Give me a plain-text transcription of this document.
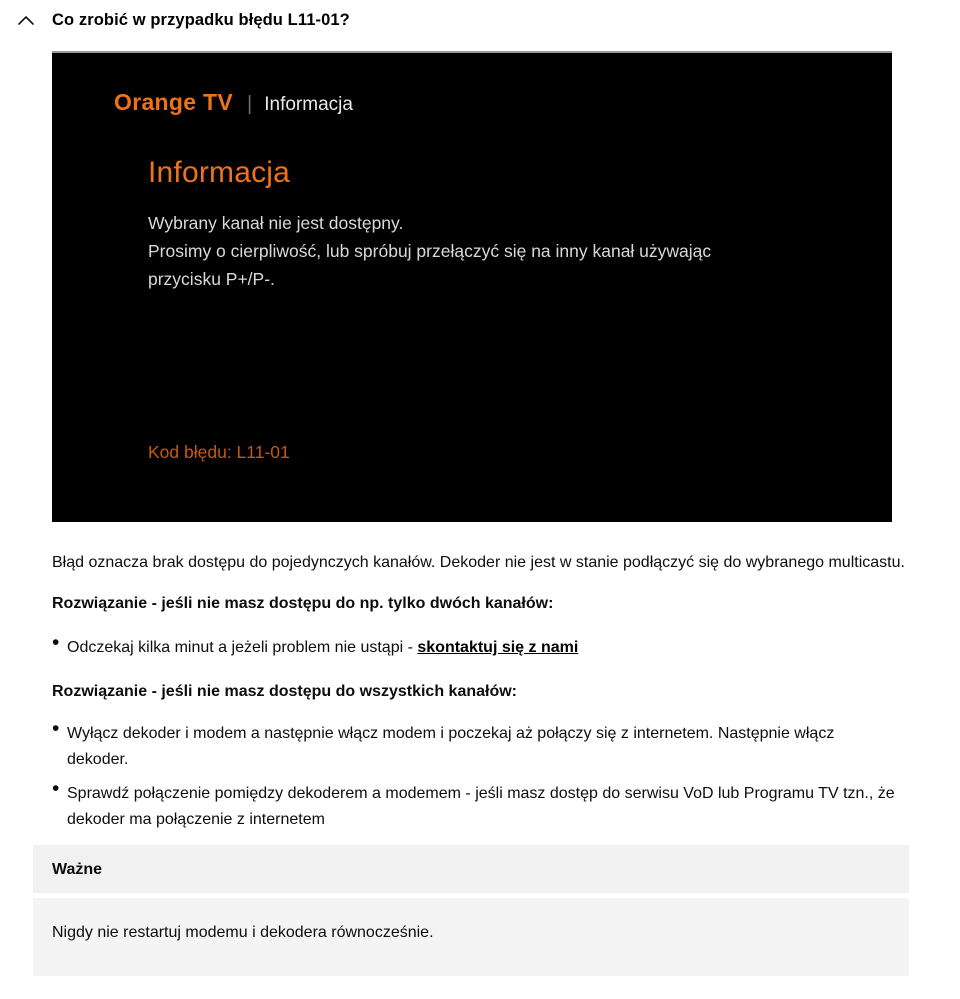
Co zrobić w przypadku błędu L11-01?
Orange TV | Informacja
Informacja
Wybrany kanał nie jest dostępny.
Prosimy o cierpliwość, lub spróbuj przełączyć się na inny kanał używając przycisku P+/P-.
Kod błędu: L11-01

Błąd oznacza brak dostępu do pojedynczych kanałów. Dekoder nie jest w stanie podłączyć się do wybranego multicastu.

Rozwiązanie - jeśli nie masz dostępu do np. tylko dwóch kanałów:
• Odczekaj kilka minut a jeżeli problem nie ustąpi - skontaktuj się z nami
Rozwiązanie - jeśli nie masz dostępu do wszystkich kanałów:
• Wyłącz dekoder i modem a następnie włącz modem i poczekaj aż połączy się z internetem. Następnie włącz dekoder.
• Sprawdź połączenie pomiędzy dekoderem a modemem - jeśli masz dostęp do serwisu VoD lub Programu TV tzn., że dekoder ma połączenie z internetem
Ważne
Nigdy nie restartuj modemu i dekodera równocześnie.
